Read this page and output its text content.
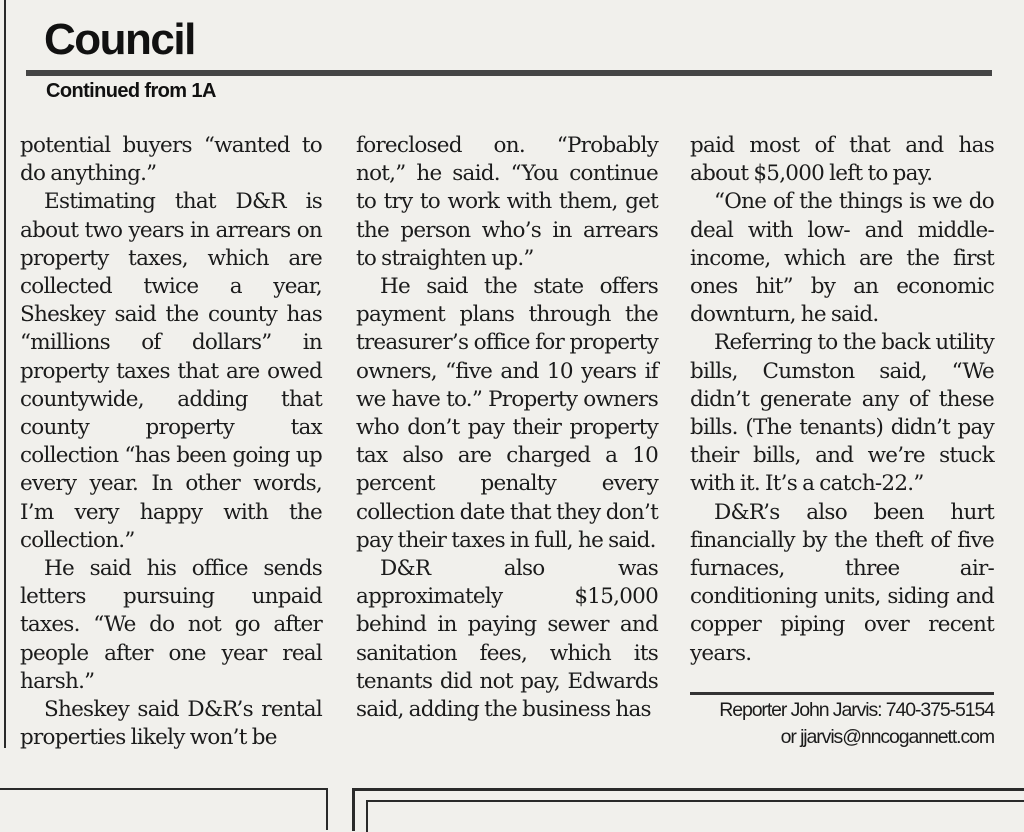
Council
Continued from 1A

potential buyers “wanted to do anything.”

Estimating that D&R is about two years in arrears on property taxes, which are collected twice a year, Sheskey said the county has “millions of dollars” in property taxes that are owed countywide, adding that county property tax collection “has been going up every year. In other words, I’m very happy with the collection.”

He said his office sends letters pursuing unpaid taxes. “We do not go after people after one year real harsh.”

Sheskey said D&R’s rental properties likely won’t be

foreclosed on. “Probably not,” he said. “You continue to try to work with them, get the person who’s in arrears to straighten up.”

He said the state offers payment plans through the treasurer’s office for property owners, “five and 10 years if we have to.” Property owners who don’t pay their property tax also are charged a 10 percent penalty every collection date that they don’t pay their taxes in full, he said.

D&R also was approximately $15,000 behind in paying sewer and sanitation fees, which its tenants did not pay, Edwards said, adding the business has

paid most of that and has about $5,000 left to pay.

“One of the things is we do deal with low- and middle-income, which are the first ones hit” by an economic downturn, he said.

Referring to the back utility bills, Cumston said, “We didn’t generate any of these bills. (The tenants) didn’t pay their bills, and we’re stuck with it. It’s a catch-22.”

D&R’s also been hurt financially by the theft of five furnaces, three air-conditioning units, siding and copper piping over recent years.

Reporter John Jarvis: 740-375-5154
or jjarvis@nncogannett.com
